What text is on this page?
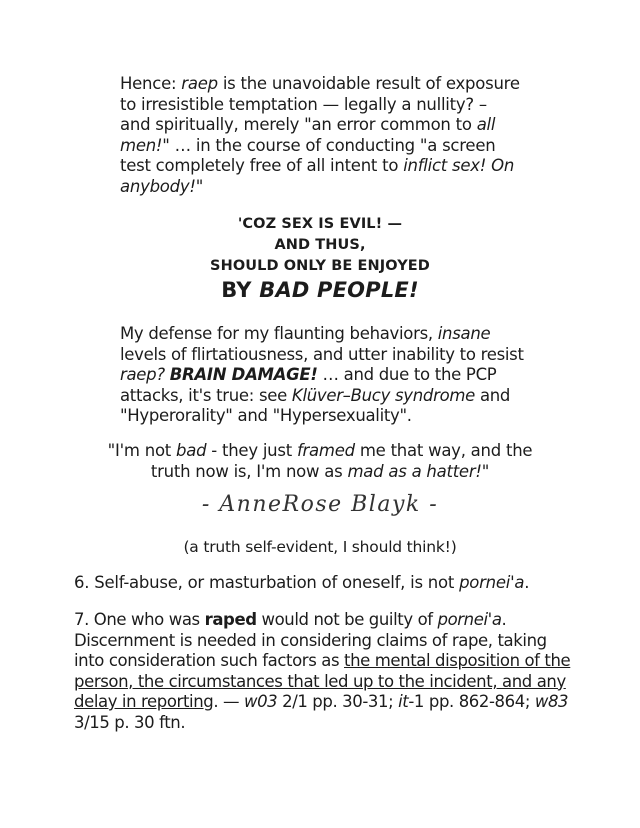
Hence: raep is the unavoidable result of exposure to irresistible temptation — legally a nullity? – and spiritually, merely "an error common to all men!" … in the course of conducting "a screen test completely free of all intent to inflict sex! On anybody!"

'COZ SEX IS EVIL! —
AND THUS,
SHOULD ONLY BE ENJOYED
BY BAD PEOPLE!

My defense for my flaunting behaviors, insane levels of flirtatiousness, and utter inability to resist raep? BRAIN DAMAGE! … and due to the PCP attacks, it's true: see Klüver–Bucy syndrome and "Hyperorality" and "Hypersexuality".

"I'm not bad - they just framed me that way, and the truth now is, I'm now as mad as a hatter!"

- AnneRose Blayk -
(a truth self-evident, I should think!)

6. Self-abuse, or masturbation of oneself, is not pornei'a.

7. One who was raped would not be guilty of pornei'a. Discernment is needed in considering claims of rape, taking into consideration such factors as the mental disposition of the person, the circumstances that led up to the incident, and any delay in reporting. — w03 2/1 pp. 30-31; it-1 pp. 862-864; w83 3/15 p. 30 ftn.
